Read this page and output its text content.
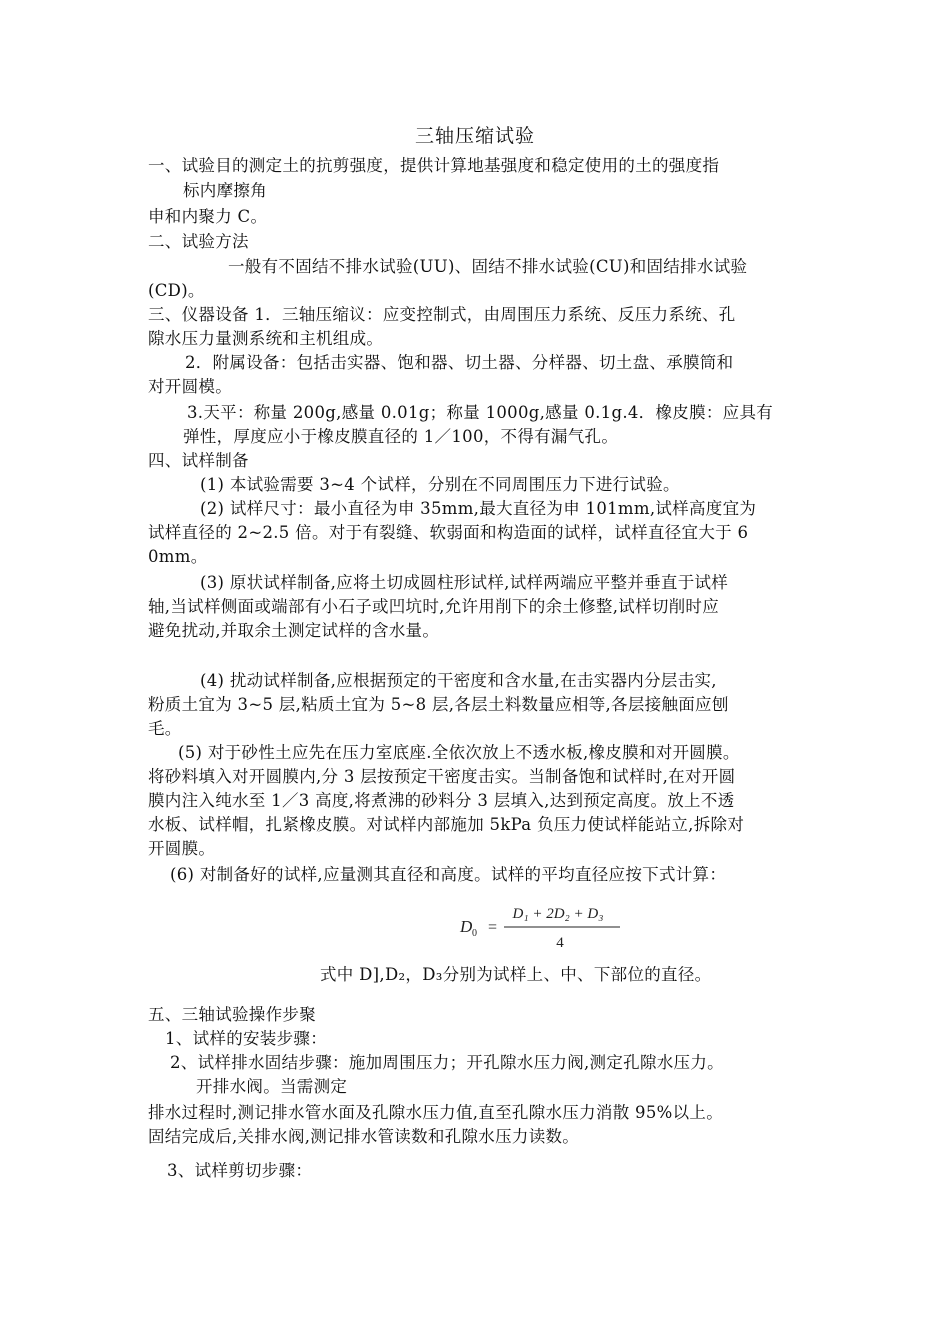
三轴压缩试验
一、试验目的测定土的抗剪强度，提供计算地基强度和稳定使用的土的强度指
标内摩擦角
申和内聚力 C。
二、试验方法
一般有不固结不排水试验(UU)、固结不排水试验(CU)和固结排水试验
(CD)。
三、仪器设备 1．三轴压缩议：应变控制式，由周围压力系统、反压力系统、孔
隙水压力量测系统和主机组成。
2．附属设备：包括击实器、饱和器、切土器、分样器、切土盘、承膜筒和
对开圆模。
3.天平：称量 200g,感量 0.01g；称量 1000g,感量 0.1g.4．橡皮膜：应具有
弹性，厚度应小于橡皮膜直径的 1／100，不得有漏气孔。
四、试样制备
(1) 本试验需要 3~4 个试样，分别在不同周围压力下进行试验。
(2) 试样尺寸：最小直径为申 35mm,最大直径为申 101mm,试样高度宜为
试样直径的 2~2.5 倍。对于有裂缝、软弱面和构造面的试样，试样直径宜大于 6
0mm。
(3) 原状试样制备,应将土切成圆柱形试样,试样两端应平整并垂直于试样
轴,当试样侧面或端部有小石子或凹坑时,允许用削下的余土修整,试样切削时应
避免扰动,并取余土测定试样的含水量。
(4) 扰动试样制备,应根据预定的干密度和含水量,在击实器内分层击实,
粉质土宜为 3~5 层,粘质土宜为 5~8 层,各层土料数量应相等,各层接触面应刨
毛。
(5) 对于砂性土应先在压力室底座.全依次放上不透水板,橡皮膜和对开圆膜。
将砂料填入对开圆膜内,分 3 层按预定干密度击实。当制备饱和试样时,在对开圆
膜内注入纯水至 1／3 高度,将煮沸的砂料分 3 层填入,达到预定高度。放上不透
水板、试样帽，扎紧橡皮膜。对试样内部施加 5kPa 负压力使试样能站立,拆除对
开圆膜。
(6) 对制备好的试样,应量测其直径和高度。试样的平均直径应按下式计算：
D 0 =
D₁ + 2D₂ + D₃
4
式中 D],D₂，D₃分别为试样上、中、下部位的直径。
五、三轴试验操作步聚
1、试样的安装步骤：
2、试样排水固结步骤：施加周围压力；开孔隙水压力阀,测定孔隙水压力。
开排水阀。当需测定
排水过程时,测记排水管水面及孔隙水压力值,直至孔隙水压力消散 95%以上。
固结完成后,关排水阀,测记排水管读数和孔隙水压力读数。
3、试样剪切步骤：
